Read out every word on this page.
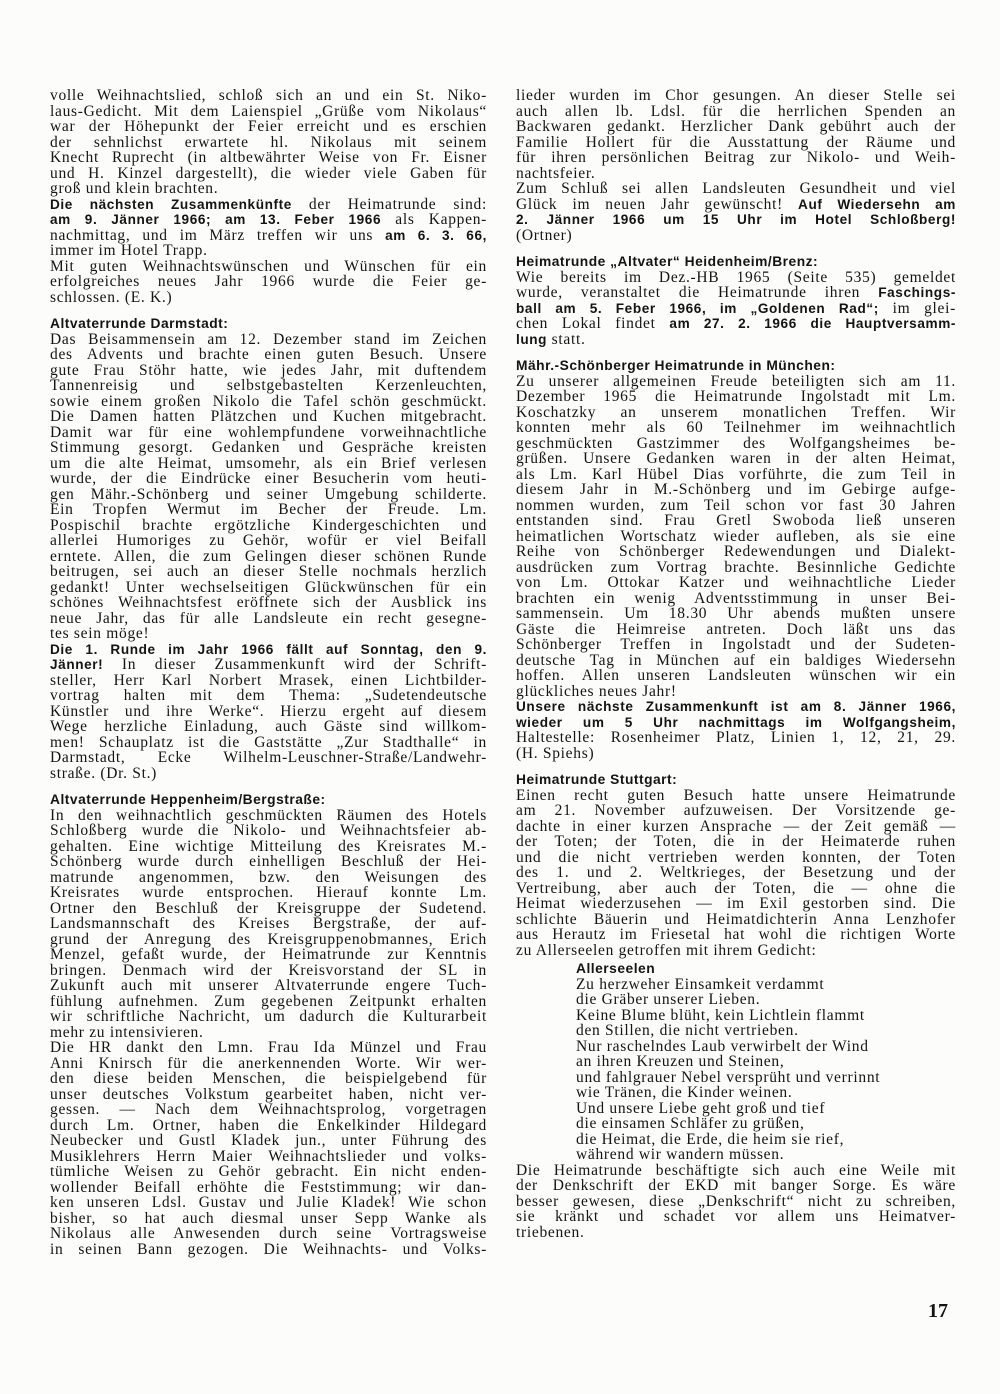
volle Weihnachtslied, schloß sich an und ein St. Niko-
laus-Gedicht. Mit dem Laienspiel „Grüße vom Nikolaus“
war der Höhepunkt der Feier erreicht und es erschien
der sehnlichst erwartete hl. Nikolaus mit seinem
Knecht Ruprecht (in altbewährter Weise von Fr. Eisner
und H. Kinzel dargestellt), die wieder viele Gaben für
groß und klein brachten.
Die nächsten Zusammenkünfte der Heimatrunde sind:
am 9. Jänner 1966; am 13. Feber 1966 als Kappen-
nachmittag, und im März treffen wir uns am 6. 3. 66,
immer im Hotel Trapp.
Mit guten Weihnachtswünschen und Wünschen für ein
erfolgreiches neues Jahr 1966 wurde die Feier ge-
schlossen. (E. K.)
Altvaterrunde Darmstadt:
Das Beisammensein am 12. Dezember stand im Zeichen
des Advents und brachte einen guten Besuch. Unsere
gute Frau Stöhr hatte, wie jedes Jahr, mit duftendem
Tannenreisig und selbstgebastelten Kerzenleuchten,
sowie einem großen Nikolo die Tafel schön geschmückt.
Die Damen hatten Plätzchen und Kuchen mitgebracht.
Damit war für eine wohlempfundene vorweihnachtliche
Stimmung gesorgt. Gedanken und Gespräche kreisten
um die alte Heimat, umsomehr, als ein Brief verlesen
wurde, der die Eindrücke einer Besucherin vom heuti-
gen Mähr.-Schönberg und seiner Umgebung schilderte.
Ein Tropfen Wermut im Becher der Freude. Lm.
Pospischil brachte ergötzliche Kindergeschichten und
allerlei Humoriges zu Gehör, wofür er viel Beifall
erntete. Allen, die zum Gelingen dieser schönen Runde
beitrugen, sei auch an dieser Stelle nochmals herzlich
gedankt! Unter wechselseitigen Glückwünschen für ein
schönes Weihnachtsfest eröffnete sich der Ausblick ins
neue Jahr, das für alle Landsleute ein recht gesegne-
tes sein möge!
Die 1. Runde im Jahr 1966 fällt auf Sonntag, den 9.
Jänner! In dieser Zusammenkunft wird der Schrift-
steller, Herr Karl Norbert Mrasek, einen Lichtbilder-
vortrag halten mit dem Thema: „Sudetendeutsche
Künstler und ihre Werke“. Hierzu ergeht auf diesem
Wege herzliche Einladung, auch Gäste sind willkom-
men! Schauplatz ist die Gaststätte „Zur Stadthalle“ in
Darmstadt, Ecke Wilhelm-Leuschner-Straße/Landwehr-
straße. (Dr. St.)
Altvaterrunde Heppenheim/Bergstraße:
In den weihnachtlich geschmückten Räumen des Hotels
Schloßberg wurde die Nikolo- und Weihnachtsfeier ab-
gehalten. Eine wichtige Mitteilung des Kreisrates M.-
Schönberg wurde durch einhelligen Beschluß der Hei-
matrunde angenommen, bzw. den Weisungen des
Kreisrates wurde entsprochen. Hierauf konnte Lm.
Ortner den Beschluß der Kreisgruppe der Sudetend.
Landsmannschaft des Kreises Bergstraße, der auf-
grund der Anregung des Kreisgruppenobmannes, Erich
Menzel, gefaßt wurde, der Heimatrunde zur Kenntnis
bringen. Denmach wird der Kreisvorstand der SL in
Zukunft auch mit unserer Altvaterrunde engere Tuch-
fühlung aufnehmen. Zum gegebenen Zeitpunkt erhalten
wir schriftliche Nachricht, um dadurch die Kulturarbeit
mehr zu intensivieren.
Die HR dankt den Lmn. Frau Ida Münzel und Frau
Anni Knirsch für die anerkennenden Worte. Wir wer-
den diese beiden Menschen, die beispielgebend für
unser deutsches Volkstum gearbeitet haben, nicht ver-
gessen. — Nach dem Weihnachtsprolog, vorgetragen
durch Lm. Ortner, haben die Enkelkinder Hildegard
Neubecker und Gustl Kladek jun., unter Führung des
Musiklehrers Herrn Maier Weihnachtslieder und volks-
tümliche Weisen zu Gehör gebracht. Ein nicht enden-
wollender Beifall erhöhte die Feststimmung; wir dan-
ken unseren Ldsl. Gustav und Julie Kladek! Wie schon
bisher, so hat auch diesmal unser Sepp Wanke als
Nikolaus alle Anwesenden durch seine Vortragsweise
in seinen Bann gezogen. Die Weihnachts- und Volks-
lieder wurden im Chor gesungen. An dieser Stelle sei
auch allen lb. Ldsl. für die herrlichen Spenden an
Backwaren gedankt. Herzlicher Dank gebührt auch der
Familie Hollert für die Ausstattung der Räume und
für ihren persönlichen Beitrag zur Nikolo- und Weih-
nachtsfeier.
Zum Schluß sei allen Landsleuten Gesundheit und viel
Glück im neuen Jahr gewünscht! Auf Wiedersehn am
2. Jänner 1966 um 15 Uhr im Hotel Schloßberg!
(Ortner)
Heimatrunde „Altvater“ Heidenheim/Brenz:
Wie bereits im Dez.-HB 1965 (Seite 535) gemeldet
wurde, veranstaltet die Heimatrunde ihren Faschings-
ball am 5. Feber 1966, im „Goldenen Rad“; im glei-
chen Lokal findet am 27. 2. 1966 die Hauptversamm-
lung statt.
Mähr.-Schönberger Heimatrunde in München:
Zu unserer allgemeinen Freude beteiligten sich am 11.
Dezember 1965 die Heimatrunde Ingolstadt mit Lm.
Koschatzky an unserem monatlichen Treffen. Wir
konnten mehr als 60 Teilnehmer im weihnachtlich
geschmückten Gastzimmer des Wolfgangsheimes be-
grüßen. Unsere Gedanken waren in der alten Heimat,
als Lm. Karl Hübel Dias vorführte, die zum Teil in
diesem Jahr in M.-Schönberg und im Gebirge aufge-
nommen wurden, zum Teil schon vor fast 30 Jahren
entstanden sind. Frau Gretl Swoboda ließ unseren
heimatlichen Wortschatz wieder aufleben, als sie eine
Reihe von Schönberger Redewendungen und Dialekt-
ausdrücken zum Vortrag brachte. Besinnliche Gedichte
von Lm. Ottokar Katzer und weihnachtliche Lieder
brachten ein wenig Adventsstimmung in unser Bei-
sammensein. Um 18.30 Uhr abends mußten unsere
Gäste die Heimreise antreten. Doch läßt uns das
Schönberger Treffen in Ingolstadt und der Sudeten-
deutsche Tag in München auf ein baldiges Wiedersehn
hoffen. Allen unseren Landsleuten wünschen wir ein
glückliches neues Jahr!
Unsere nächste Zusammenkunft ist am 8. Jänner 1966,
wieder um 5 Uhr nachmittags im Wolfgangsheim,
Haltestelle: Rosenheimer Platz, Linien 1, 12, 21, 29.
(H. Spiehs)
Heimatrunde Stuttgart:
Einen recht guten Besuch hatte unsere Heimatrunde
am 21. November aufzuweisen. Der Vorsitzende ge-
dachte in einer kurzen Ansprache — der Zeit gemäß —
der Toten; der Toten, die in der Heimaterde ruhen
und die nicht vertrieben werden konnten, der Toten
des 1. und 2. Weltkrieges, der Besetzung und der
Vertreibung, aber auch der Toten, die — ohne die
Heimat wiederzusehen — im Exil gestorben sind. Die
schlichte Bäuerin und Heimatdichterin Anna Lenzhofer
aus Herautz im Friesetal hat wohl die richtigen Worte
zu Allerseelen getroffen mit ihrem Gedicht:
Allerseelen
Zu herzweher Einsamkeit verdammt
die Gräber unserer Lieben.
Keine Blume blüht, kein Lichtlein flammt
den Stillen, die nicht vertrieben.
Nur raschelndes Laub verwirbelt der Wind
an ihren Kreuzen und Steinen,
und fahlgrauer Nebel versprüht und verrinnt
wie Tränen, die Kinder weinen.
Und unsere Liebe geht groß und tief
die einsamen Schläfer zu grüßen,
die Heimat, die Erde, die heim sie rief,
während wir wandern müssen.
Die Heimatrunde beschäftigte sich auch eine Weile mit
der Denkschrift der EKD mit banger Sorge. Es wäre
besser gewesen, diese „Denkschrift“ nicht zu schreiben,
sie kränkt und schadet vor allem uns Heimatver-
triebenen.
17
